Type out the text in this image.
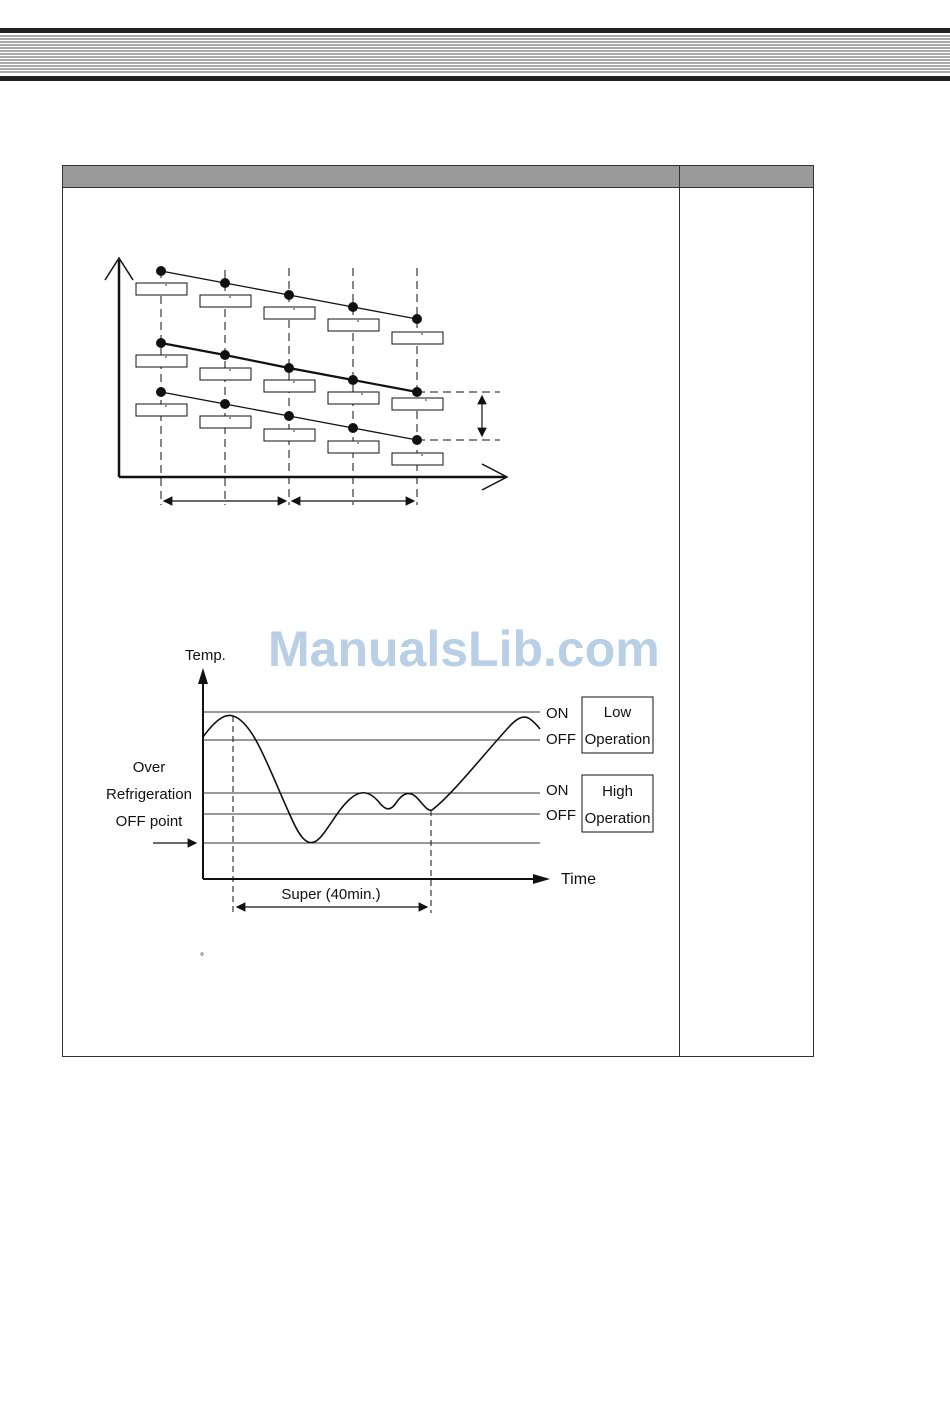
°
°
°
°
°
°
°
°
°
°
°
°
°
°
°
Temp.
Time
ON
OFF
ON
OFF
Low
Operation
High
Operation
Over
Refrigeration
OFF point
Super (40min.)
°
ManualsLib.com
